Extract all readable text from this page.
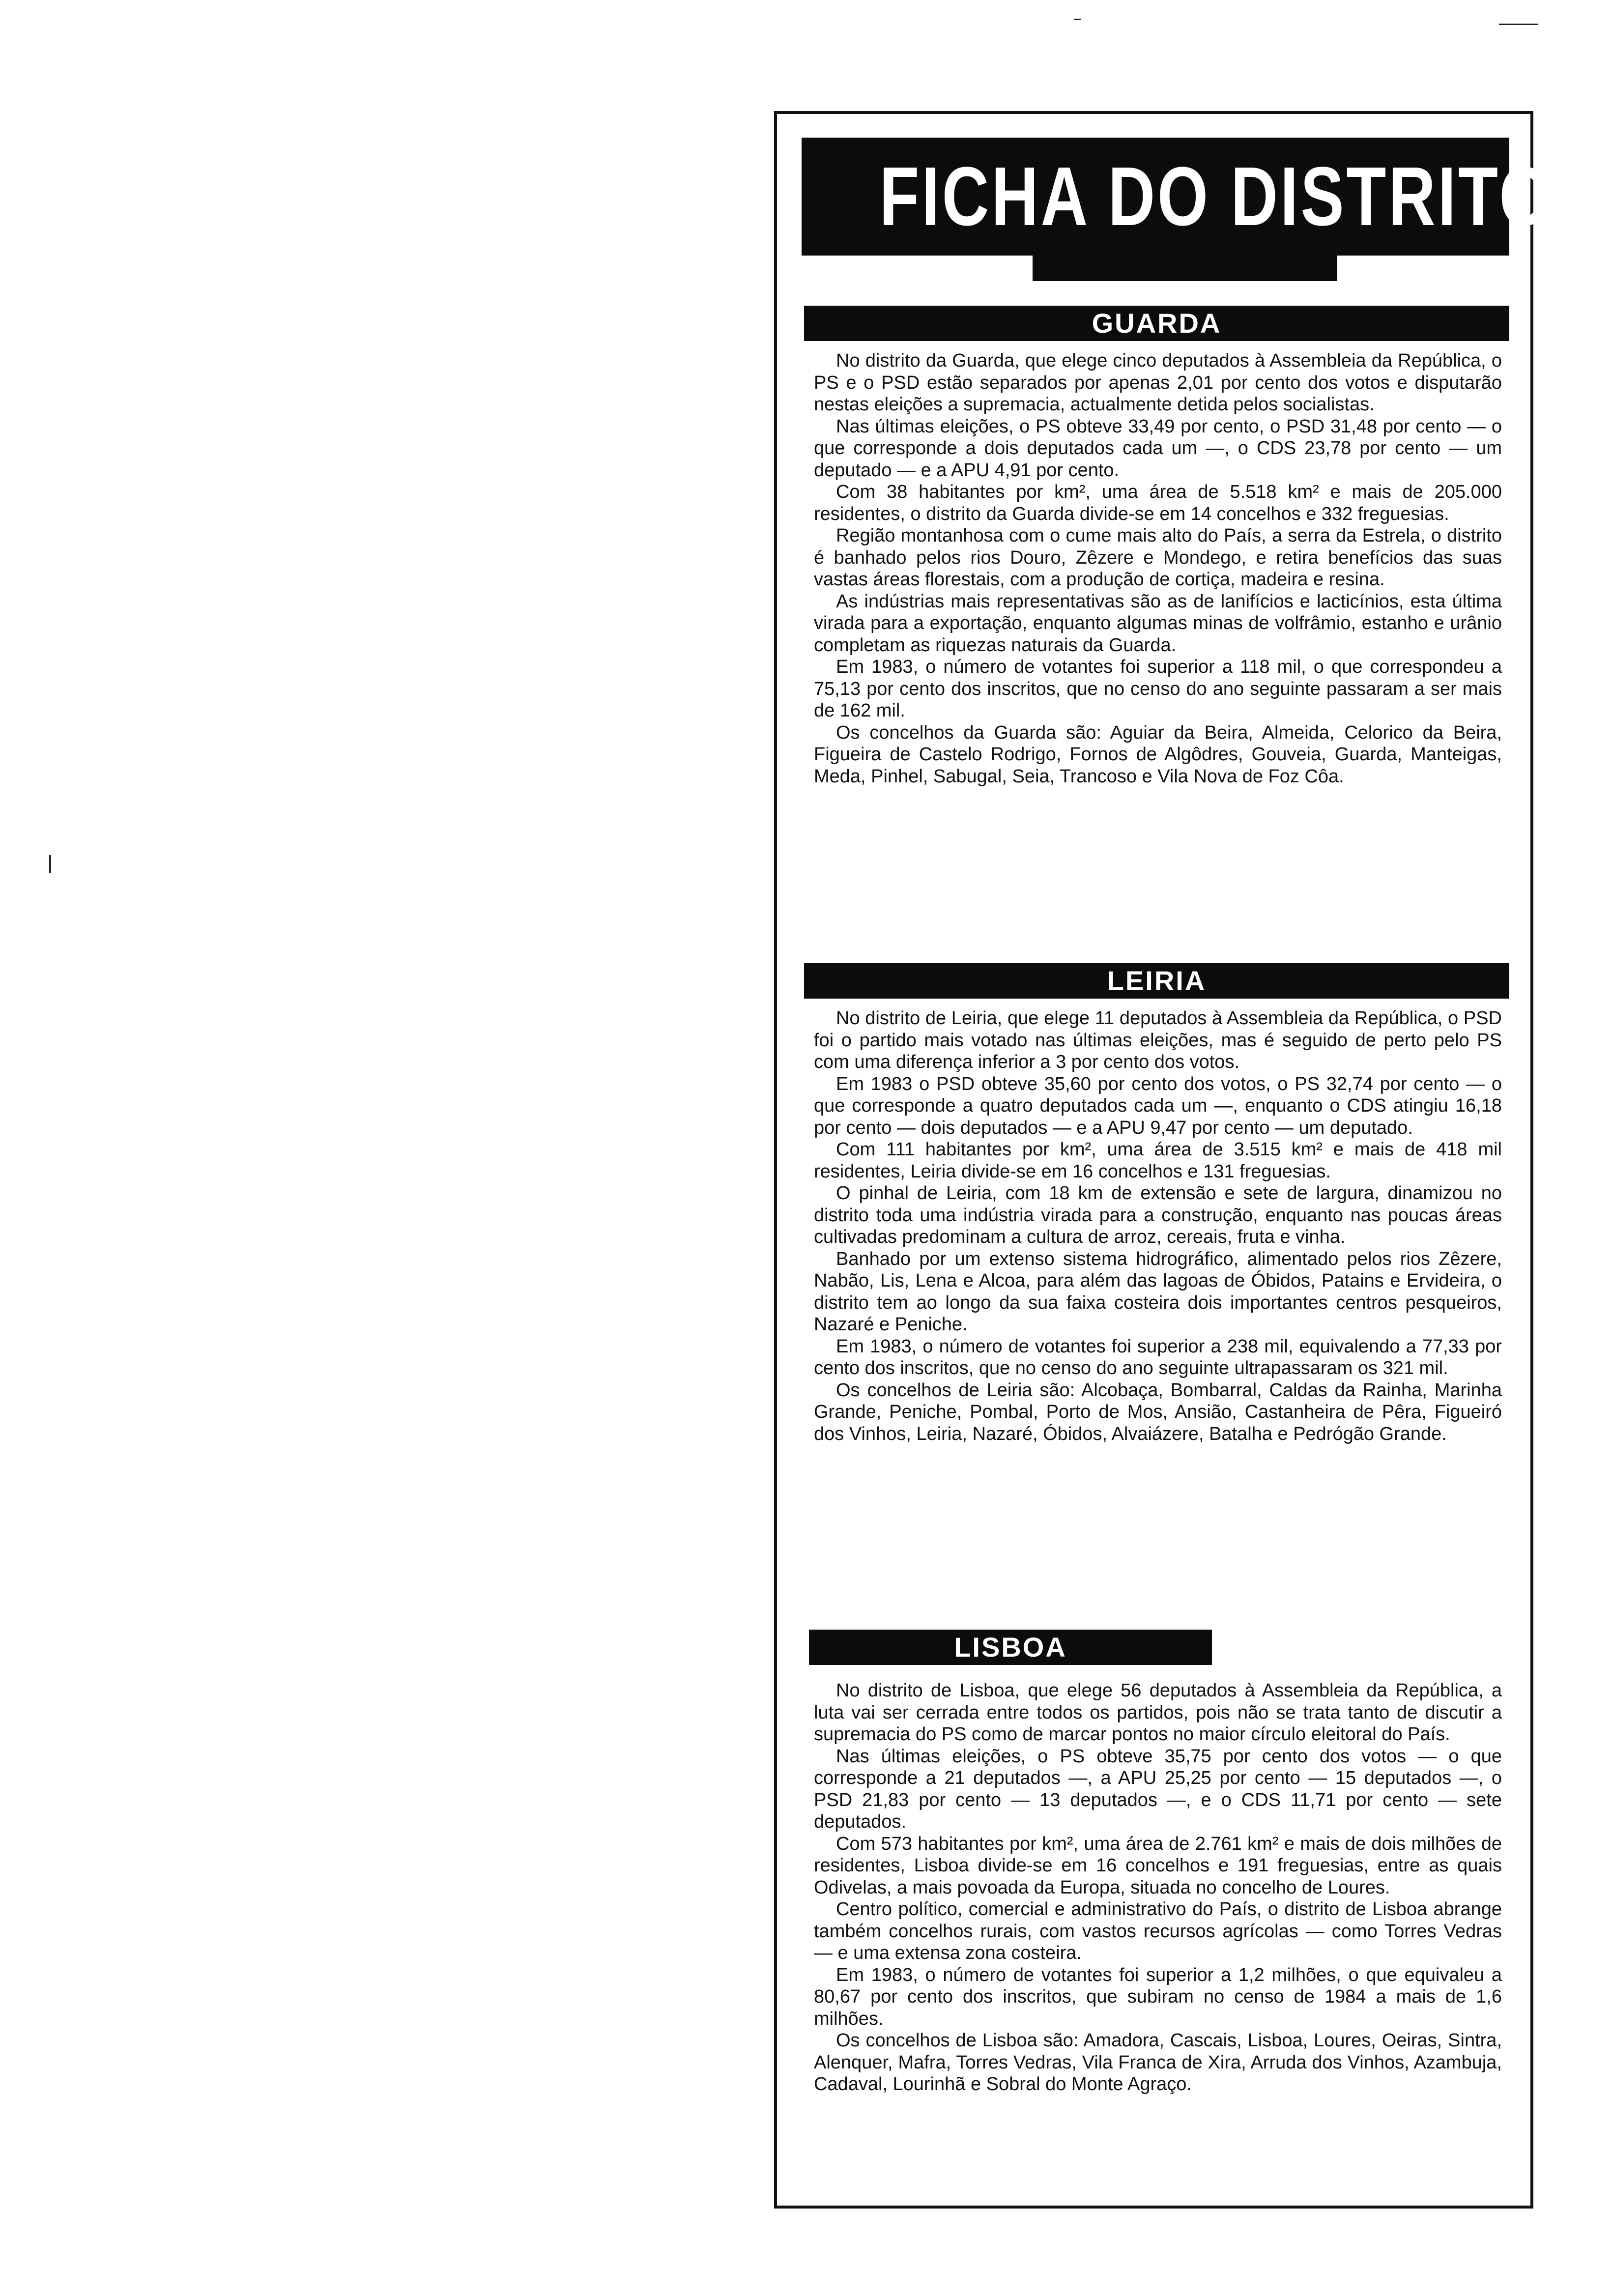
FICHA DO DISTRITO
GUARDA

No distrito da Guarda, que elege cinco deputados à Assembleia da República, o PS e o PSD estão separados por apenas 2,01 por cento dos votos e disputarão nestas eleições a supremacia, actualmente detida pelos socialistas.

Nas últimas eleições, o PS obteve 33,49 por cento, o PSD 31,48 por cento — o que corresponde a dois deputados cada um —, o CDS 23,78 por cento — um deputado — e a APU 4,91 por cento.

Com 38 habitantes por km², uma área de 5.518 km² e mais de 205.000 residentes, o distrito da Guarda divide-se em 14 concelhos e 332 freguesias.

Região montanhosa com o cume mais alto do País, a serra da Estrela, o distrito é banhado pelos rios Douro, Zêzere e Mondego, e retira benefícios das suas vastas áreas florestais, com a produção de cortiça, madeira e resina.

As indústrias mais representativas são as de lanifícios e lacticínios, esta última virada para a exportação, enquanto algumas minas de volfrâmio, estanho e urânio completam as riquezas naturais da Guarda.

Em 1983, o número de votantes foi superior a 118 mil, o que correspondeu a 75,13 por cento dos inscritos, que no censo do ano seguinte passaram a ser mais de 162 mil.

Os concelhos da Guarda são: Aguiar da Beira, Almeida, Celorico da Beira, Figueira de Castelo Rodrigo, Fornos de Algôdres, Gouveia, Guarda, Manteigas, Meda, Pinhel, Sabugal, Seia, Trancoso e Vila Nova de Foz Côa.

LEIRIA

No distrito de Leiria, que elege 11 deputados à Assembleia da República, o PSD foi o partido mais votado nas últimas eleições, mas é seguido de perto pelo PS com uma diferença inferior a 3 por cento dos votos.

Em 1983 o PSD obteve 35,60 por cento dos votos, o PS 32,74 por cento — o que corresponde a quatro deputados cada um —, enquanto o CDS atingiu 16,18 por cento — dois deputados — e a APU 9,47 por cento — um deputado.

Com 111 habitantes por km², uma área de 3.515 km² e mais de 418 mil residentes, Leiria divide-se em 16 concelhos e 131 freguesias.

O pinhal de Leiria, com 18 km de extensão e sete de largura, dinamizou no distrito toda uma indústria virada para a construção, enquanto nas poucas áreas cultivadas predominam a cultura de arroz, cereais, fruta e vinha.

Banhado por um extenso sistema hidrográfico, alimentado pelos rios Zêzere, Nabão, Lis, Lena e Alcoa, para além das lagoas de Óbidos, Patains e Ervideira, o distrito tem ao longo da sua faixa costeira dois importantes centros pesqueiros, Nazaré e Peniche.

Em 1983, o número de votantes foi superior a 238 mil, equivalendo a 77,33 por cento dos inscritos, que no censo do ano seguinte ultrapassaram os 321 mil.

Os concelhos de Leiria são: Alcobaça, Bombarral, Caldas da Rainha, Marinha Grande, Peniche, Pombal, Porto de Mos, Ansião, Castanheira de Pêra, Figueiró dos Vinhos, Leiria, Nazaré, Óbidos, Alvaiázere, Batalha e Pedrógão Grande.

LISBOA

No distrito de Lisboa, que elege 56 deputados à Assembleia da República, a luta vai ser cerrada entre todos os partidos, pois não se trata tanto de discutir a supremacia do PS como de marcar pontos no maior círculo eleitoral do País.

Nas últimas eleições, o PS obteve 35,75 por cento dos votos — o que corresponde a 21 deputados —, a APU 25,25 por cento — 15 deputados —, o PSD 21,83 por cento — 13 deputados —, e o CDS 11,71 por cento — sete deputados.

Com 573 habitantes por km², uma área de 2.761 km² e mais de dois milhões de residentes, Lisboa divide-se em 16 concelhos e 191 freguesias, entre as quais Odivelas, a mais povoada da Europa, situada no concelho de Loures.

Centro político, comercial e administrativo do País, o distrito de Lisboa abrange também concelhos rurais, com vastos recursos agrícolas — como Torres Vedras — e uma extensa zona costeira.

Em 1983, o número de votantes foi superior a 1,2 milhões, o que equivaleu a 80,67 por cento dos inscritos, que subiram no censo de 1984 a mais de 1,6 milhões.

Os concelhos de Lisboa são: Amadora, Cascais, Lisboa, Loures, Oeiras, Sintra, Alenquer, Mafra, Torres Vedras, Vila Franca de Xira, Arruda dos Vinhos, Azambuja, Cadaval, Lourinhã e Sobral do Monte Agraço.
